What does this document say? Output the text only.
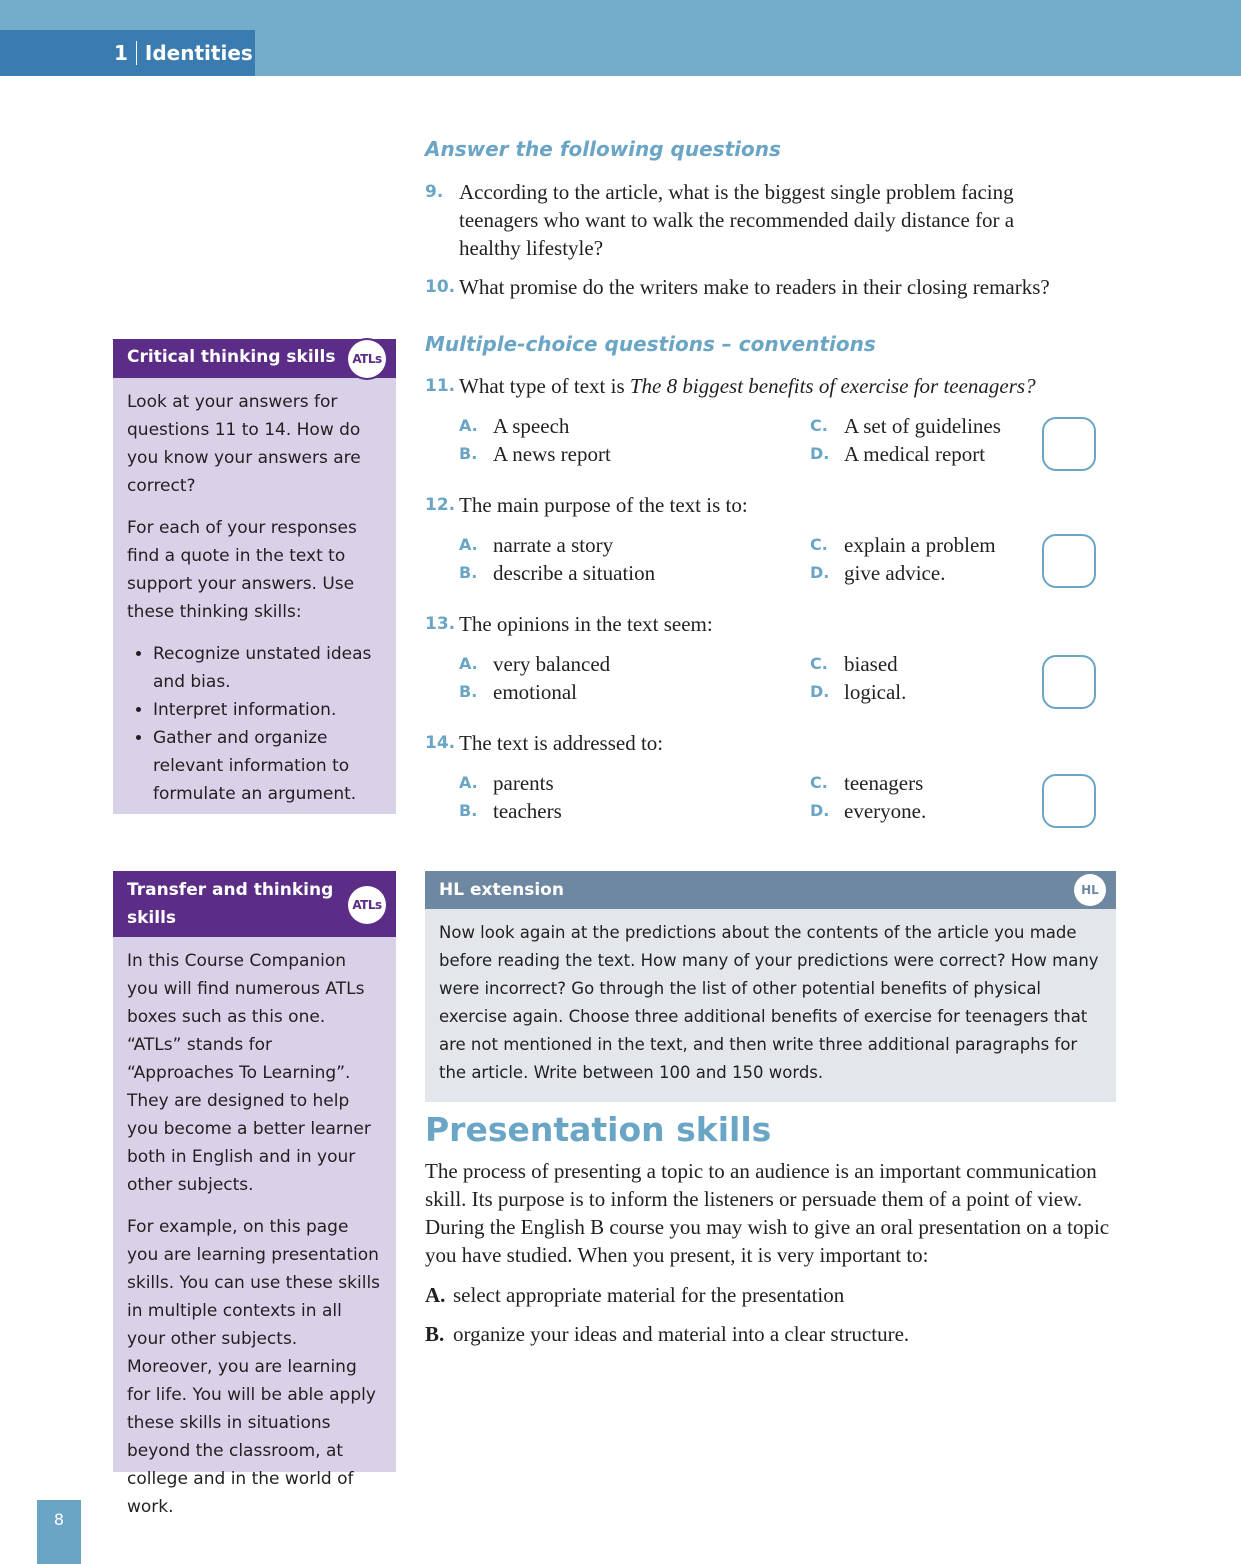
1 Identities
Answer the following questions
9. According to the article, what is the biggest single problem facing
teenagers who want to walk the recommended daily distance for a
healthy lifestyle?
10. What promise do the writers make to readers in their closing remarks?
Multiple-choice questions – conventions
11. What type of text is The 8 biggest benefits of exercise for teenagers?
A. A speech
B. A news report
C. A set of guidelines
D. A medical report
12. The main purpose of the text is to:
A. narrate a story
B. describe a situation
C. explain a problem
D. give advice.
13. The opinions in the text seem:
A. very balanced
B. emotional
C. biased
D. logical.
14. The text is addressed to:
A. parents
B. teachers
C. teenagers
D. everyone.
Critical thinking skills	ATLs

Look at your answers for questions 11 to 14. How do you know your answers are correct?

For each of your responses find a quote in the text to support your answers. Use these thinking skills:

• Recognize unstated ideas and bias.
• Interpret information.
• Gather and organize relevant information to formulate an argument.
Transfer and thinking
skills
ATLs

In this Course Companion you will find numerous ATLs boxes such as this one. “ATLs” stands for “Approaches To Learning”. They are designed to help you become a better learner both in English and in your other subjects.

For example, on this page you are learning presentation skills. You can use these skills in multiple contexts in all your other subjects. Moreover, you are learning for life. You will be able apply these skills in situations beyond the classroom, at college and in the world of work.

HL extension	HL
Now look again at the predictions about the contents of the article you made before reading the text. How many of your predictions were correct? How many were incorrect? Go through the list of other potential benefits of physical exercise again. Choose three additional benefits of exercise for teenagers that are not mentioned in the text, and then write three additional paragraphs for the article. Write between 100 and 150 words.
Presentation skills

The process of presenting a topic to an audience is an important communication skill. Its purpose is to inform the listeners or persuade them of a point of view. During the English B course you may wish to give an oral presentation on a topic you have studied. When you present, it is very important to:

A. select appropriate material for the presentation
B. organize your ideas and material into a clear structure.
8
